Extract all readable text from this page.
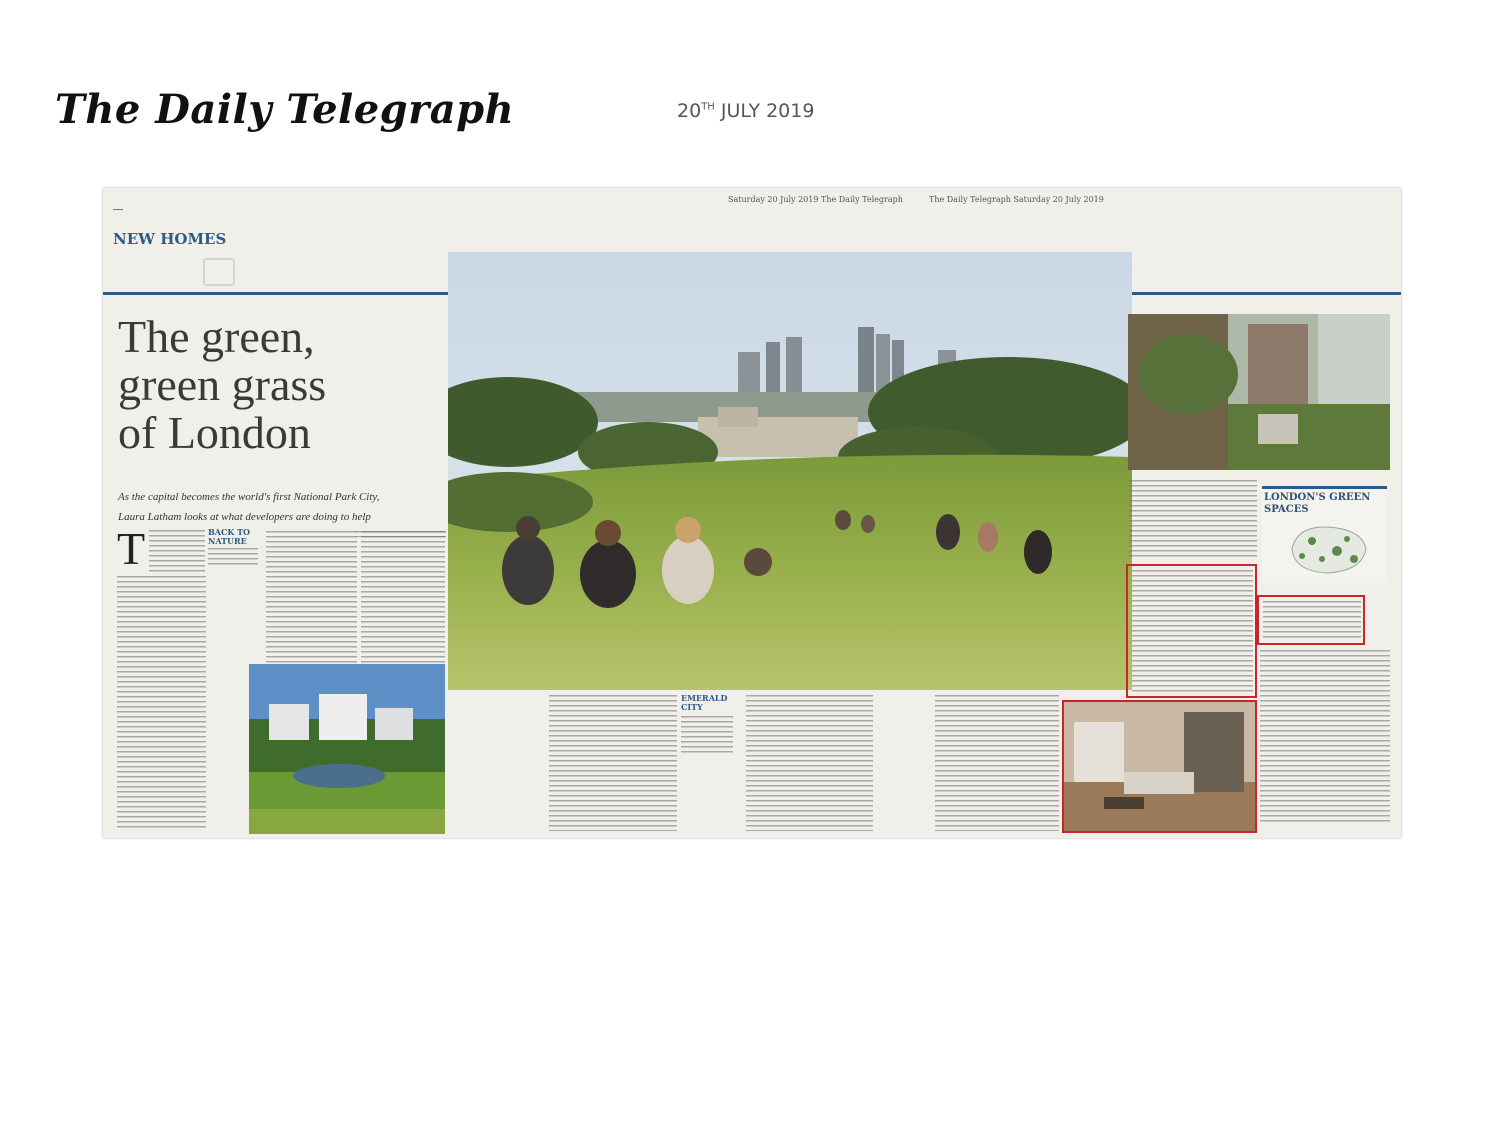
The Daily Telegraph	20TH JULY 2019
Saturday 20 July 2019 The Daily Telegraph	The Daily Telegraph Saturday 20 July 2019
NEW HOMES
The green, green grass of London
As the capital becomes the world's first National Park City,
Laura Latham looks at what developers are doing to help
T	BACK TO NATURE
EMERALD CITY
LONDON'S GREEN SPACES
